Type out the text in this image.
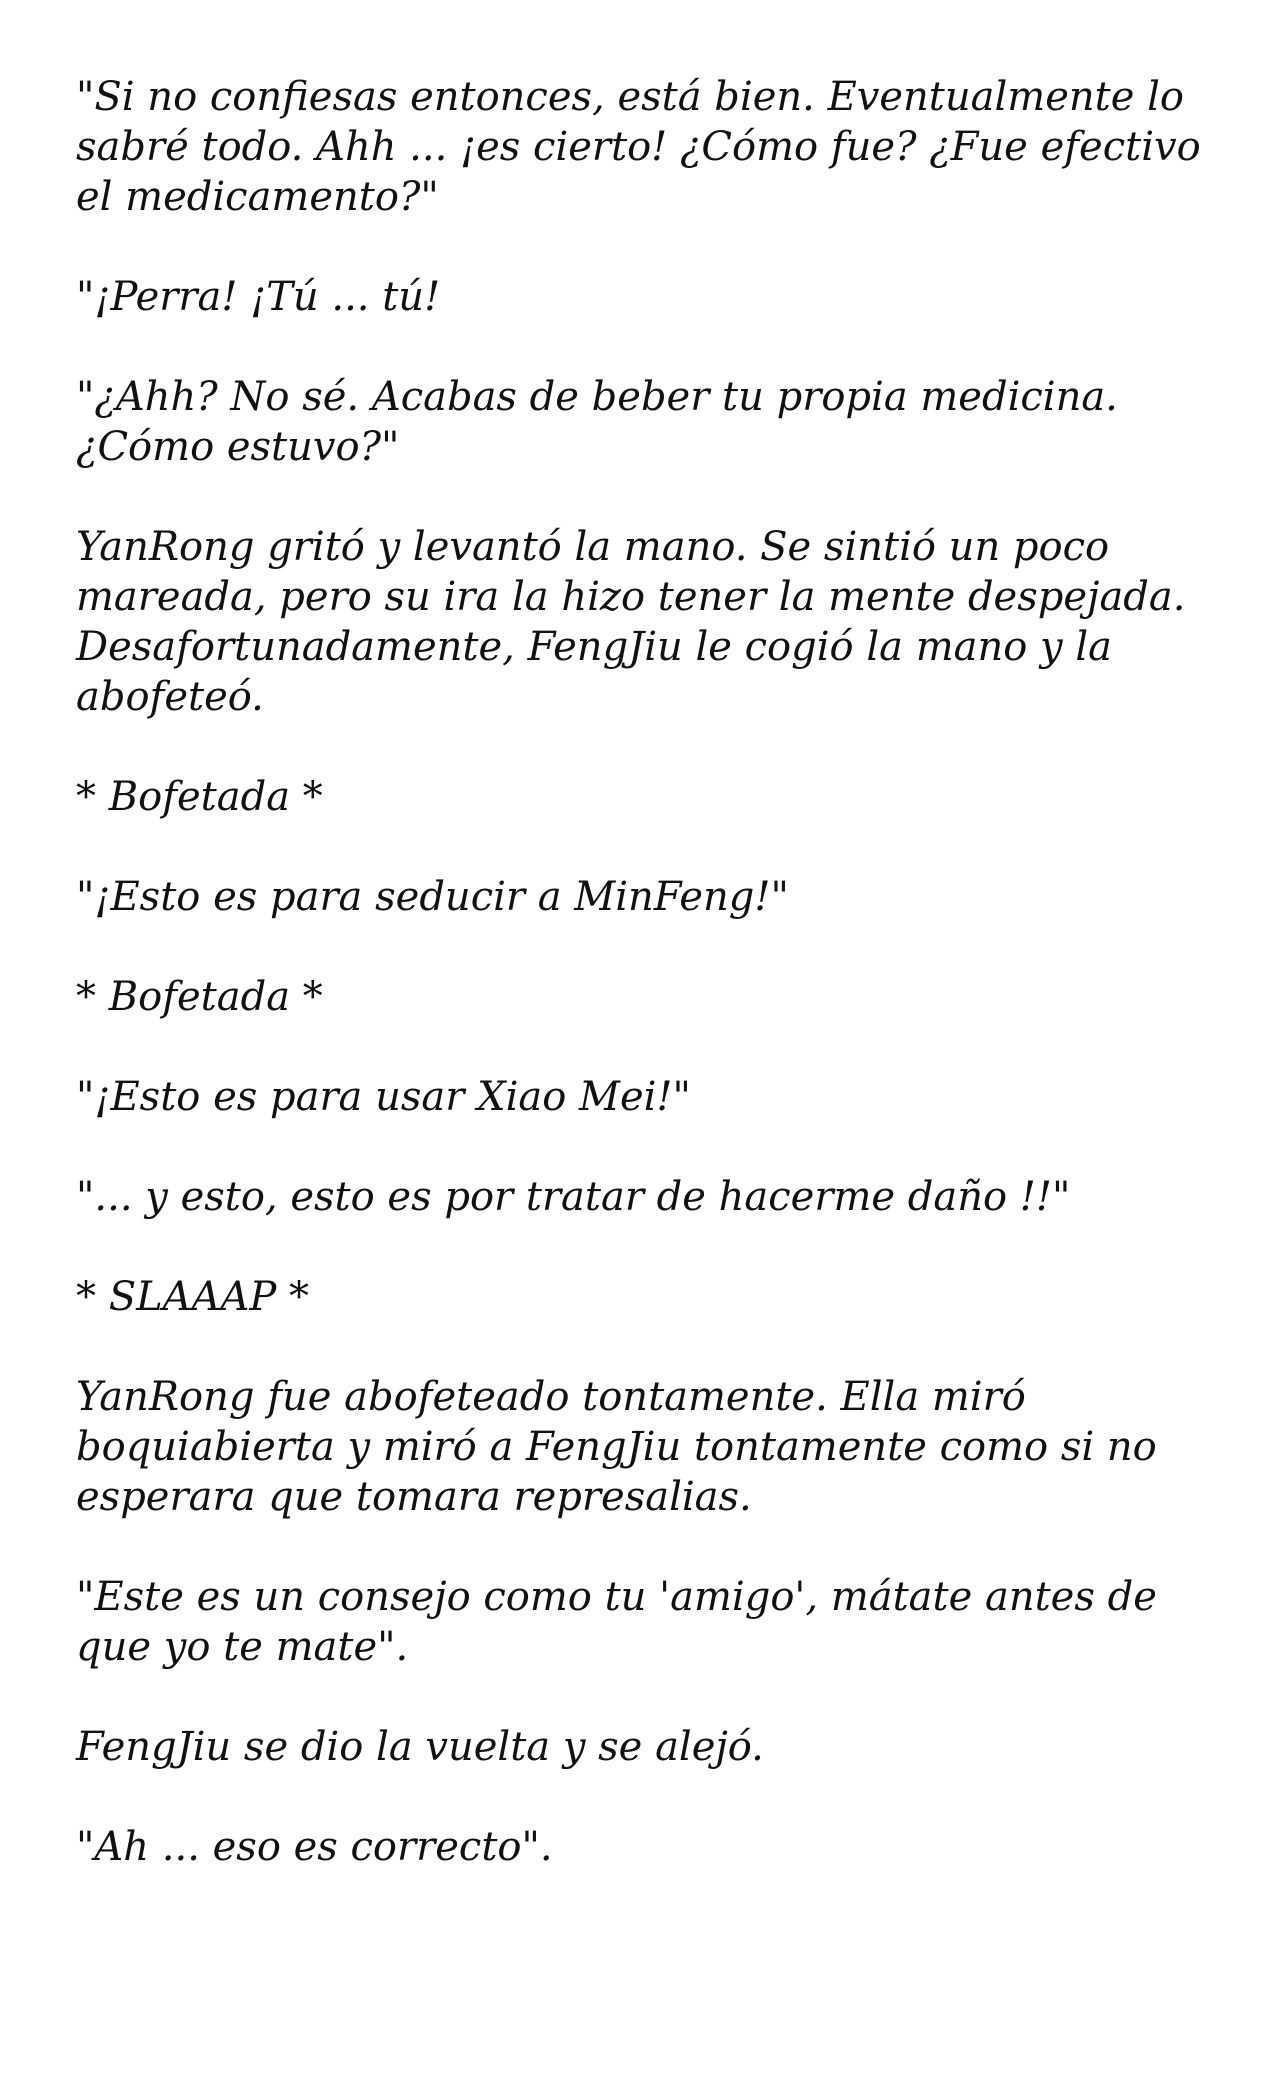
"Si no confiesas entonces, está bien. Eventualmente lo sabré todo. Ahh ... ¡es cierto! ¿Cómo fue? ¿Fue efectivo el medicamento?"

"¡Perra! ¡Tú ... tú!

"¿Ahh? No sé. Acabas de beber tu propia medicina. ¿Cómo estuvo?"

YanRong gritó y levantó la mano. Se sintió un poco mareada, pero su ira la hizo tener la mente despejada. Desafortunadamente, FengJiu le cogió la mano y la abofeteó.

* Bofetada *

"¡Esto es para seducir a MinFeng!"

* Bofetada *

"¡Esto es para usar Xiao Mei!"

"... y esto, esto es por tratar de hacerme daño !!"

* SLAAAP *

YanRong fue abofeteado tontamente. Ella miró boquiabierta y miró a FengJiu tontamente como si no esperara que tomara represalias.

"Este es un consejo como tu 'amigo', mátate antes de que yo te mate".

FengJiu se dio la vuelta y se alejó.

"Ah ... eso es correcto".
